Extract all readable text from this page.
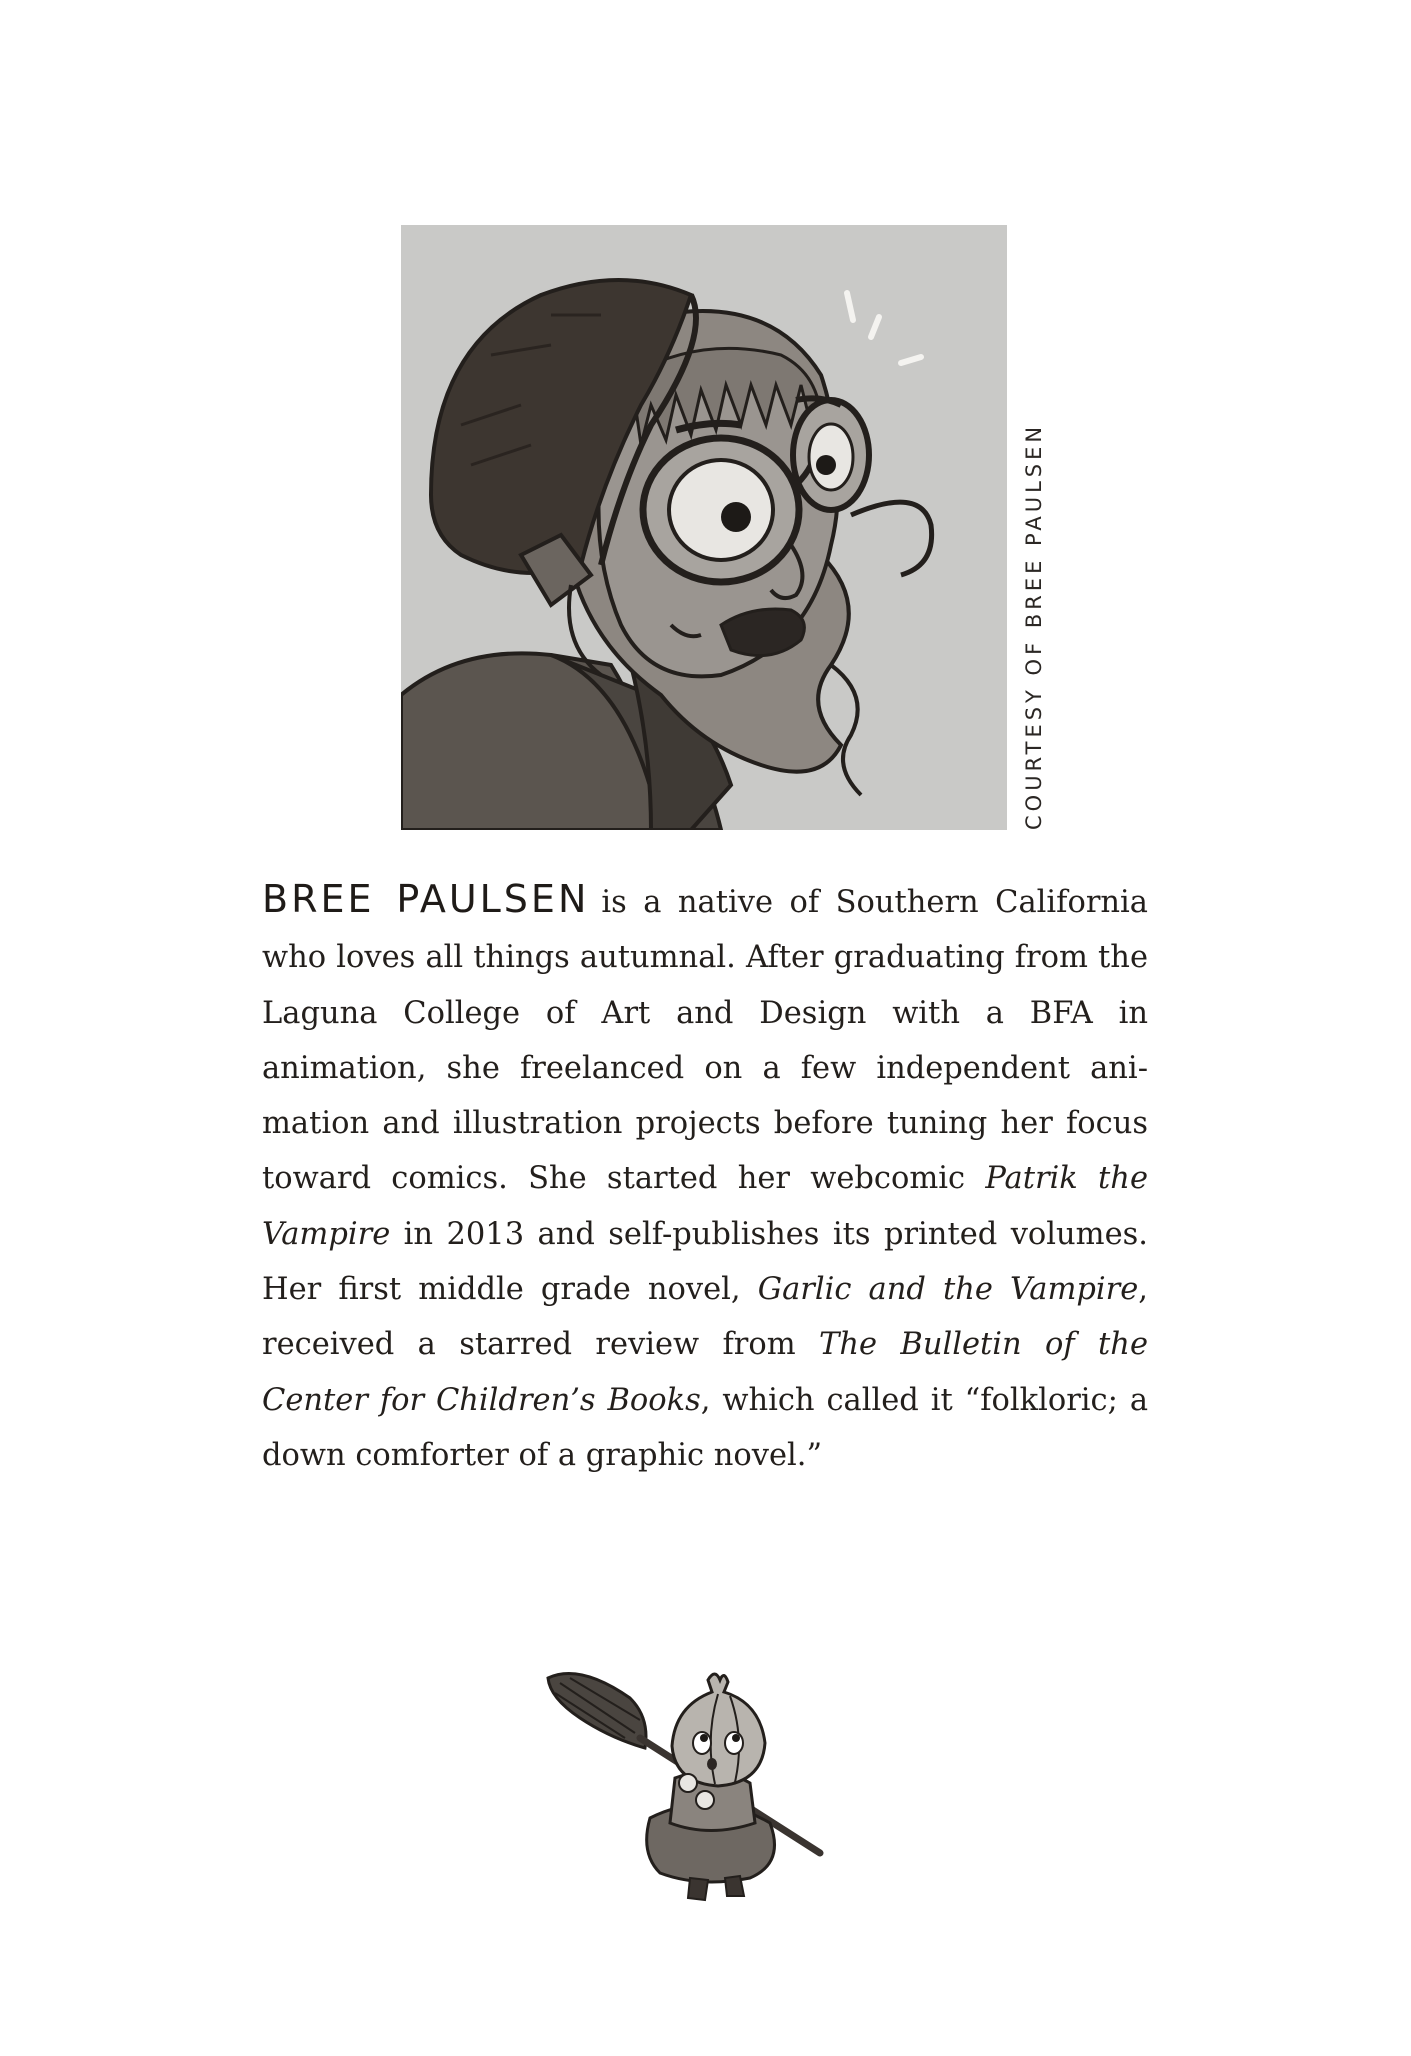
COURTESY OF BREE PAULSEN

BREE PAULSEN is a native of Southern California who loves all things autumnal. After graduating from the Laguna College of Art and Design with a BFA in animation, she freelanced on a few independent animation and illustration projects before tuning her focus toward comics. She started her webcomic Patrik the Vampire in 2013 and self-publishes its printed volumes. Her first middle grade novel, Garlic and the Vampire, received a starred review from The Bulletin of the Center for Children’s Books, which called it “folkloric; a down comforter of a graphic novel.”
